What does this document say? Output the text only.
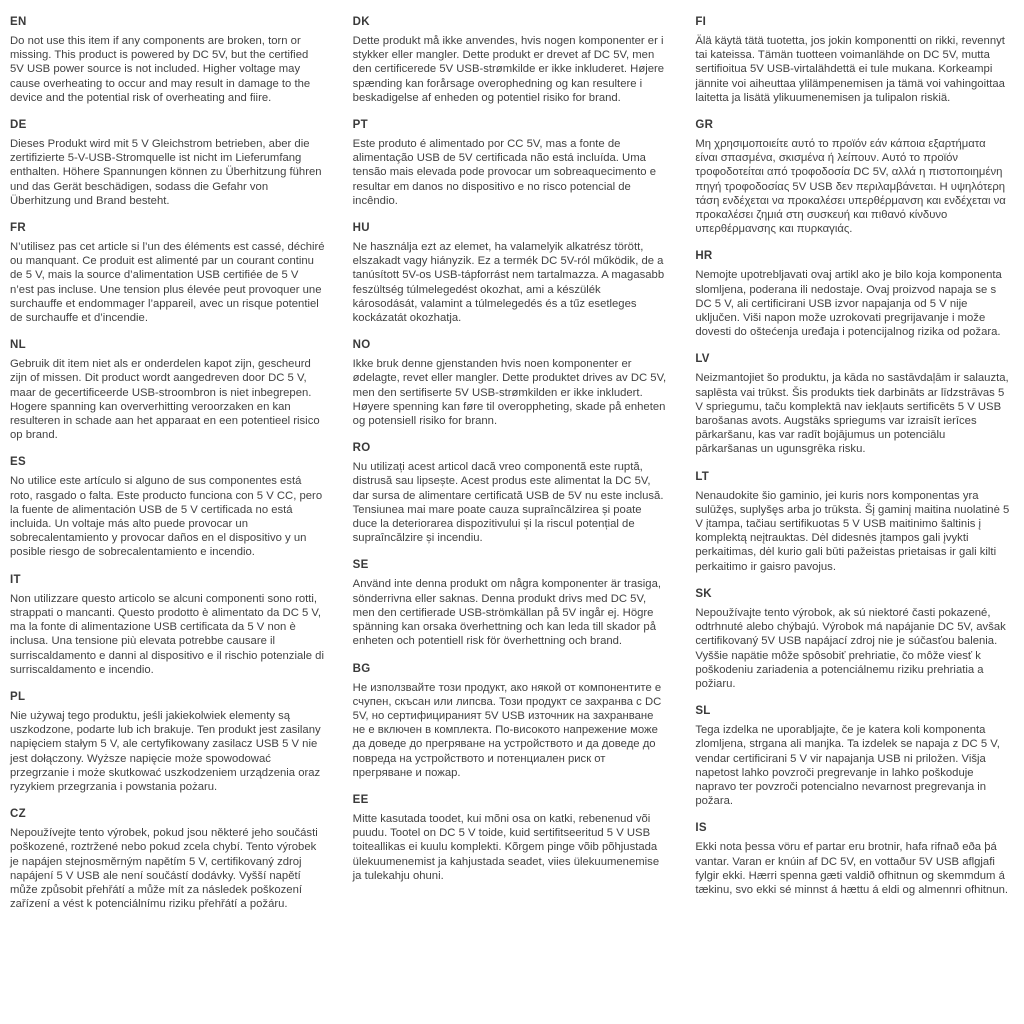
EN

Do not use this item if any components are broken, torn or missing. This product is powered by DC 5V, but the certified 5V USB power source is not included. Higher voltage may cause overheating to occur and may result in damage to the device and the potential risk of overheating and fiire.

DE

Dieses Produkt wird mit 5 V Gleichstrom betrieben, aber die zertifizierte 5-V-USB-Stromquelle ist nicht im Lieferumfang enthalten. Höhere Spannungen können zu Überhitzung führen und das Gerät beschädigen, sodass die Gefahr von Überhitzung und Brand besteht.

FR

N’utilisez pas cet article si l’un des éléments est cassé, déchiré ou manquant. Ce produit est alimenté par un courant continu de 5 V, mais la source d’alimentation USB certifiée de 5 V n’est pas incluse. Une tension plus élevée peut provoquer une surchauffe et endommager l’appareil, avec un risque potentiel de surchauffe et d’incendie.

NL

Gebruik dit item niet als er onderdelen kapot zijn, gescheurd zijn of missen. Dit product wordt aangedreven door DC 5 V, maar de gecertificeerde USB-stroombron is niet inbegrepen. Hogere spanning kan oververhitting veroorzaken en kan resulteren in schade aan het apparaat en een potentieel risico op brand.

ES

No utilice este artículo si alguno de sus componentes está roto, rasgado o falta. Este producto funciona con 5 V CC, pero la fuente de alimentación USB de 5 V certificada no está incluida. Un voltaje más alto puede provocar un sobrecalentamiento y provocar daños en el dispositivo y un posible riesgo de sobrecalentamiento e incendio.

IT

Non utilizzare questo articolo se alcuni componenti sono rotti, strappati o mancanti. Questo prodotto è alimentato da DC 5 V, ma la fonte di alimentazione USB certificata da 5 V non è inclusa. Una tensione più elevata potrebbe causare il surriscaldamento e danni al dispositivo e il rischio potenziale di surriscaldamento e incendio.

PL

Nie używaj tego produktu, jeśli jakiekolwiek elementy są uszkodzone, podarte lub ich brakuje. Ten produkt jest zasilany napięciem stałym 5 V, ale certyfikowany zasilacz USB 5 V nie jest dołączony. Wyższe napięcie może spowodować przegrzanie i może skutkować uszkodzeniem urządzenia oraz ryzykiem przegrzania i powstania pożaru.

CZ

Nepoužívejte tento výrobek, pokud jsou některé jeho součásti poškozené, roztržené nebo pokud zcela chybí. Tento výrobek je napájen stejnosměrným napětím 5 V, certifikovaný zdroj napájení 5 V USB ale není součástí dodávky. Vyšší napětí může způsobit přehřátí a může mít za následek poškození zařízení a vést k potenciálnímu riziku přehřátí a požáru.

DK

Dette produkt må ikke anvendes, hvis nogen komponenter er i stykker eller mangler. Dette produkt er drevet af DC 5V, men den certificerede 5V USB-strømkilde er ikke inkluderet. Højere spænding kan forårsage overophedning og kan resultere i beskadigelse af enheden og potentiel risiko for brand.

PT

Este produto é alimentado por CC 5V, mas a fonte de alimentação USB de 5V certificada não está incluída. Uma tensão mais elevada pode provocar um sobreaquecimento e resultar em danos no dispositivo e no risco potencial de incêndio.

HU

Ne használja ezt az elemet, ha valamelyik alkatrész törött, elszakadt vagy hiányzik. Ez a termék DC 5V-ról működik, de a tanúsított 5V-os USB-tápforrást nem tartalmazza. A magasabb feszültség túlmelegedést okozhat, ami a készülék károsodását, valamint a túlmelegedés és a tűz esetleges kockázatát okozhatja.

NO

Ikke bruk denne gjenstanden hvis noen komponenter er ødelagte, revet eller mangler. Dette produktet drives av DC 5V, men den sertifiserte 5V USB-strømkilden er ikke inkludert. Høyere spenning kan føre til overoppheting, skade på enheten og potensiell risiko for brann.

RO

Nu utilizați acest articol dacă vreo componentă este ruptă, distrusă sau lipsește. Acest produs este alimentat la DC 5V, dar sursa de alimentare certificată USB de 5V nu este inclusă. Tensiunea mai mare poate cauza supraîncălzirea și poate duce la deteriorarea dispozitivului și la riscul potențial de supraîncălzire și incendiu.

SE

Använd inte denna produkt om några komponenter är trasiga, sönderrivna eller saknas. Denna produkt drivs med DC 5V, men den certifierade USB-strömkällan på 5V ingår ej. Högre spänning kan orsaka överhettning och kan leda till skador på enheten och potentiell risk för överhettning och brand.

BG

Не използвайте този продукт, ако някой от компонентите е счупен, скъсан или липсва. Този продукт се захранва с DC 5V, но сертифицираният 5V USB източник на захранване не е включен в комплекта. По-високото напрежение може да доведе до прегряване на устройството и да доведе до повреда на устройството и потенциален риск от прегряване и пожар.

EE

Mitte kasutada toodet, kui mõni osa on katki, rebenenud või puudu. Tootel on DC 5 V toide, kuid sertifitseeritud 5 V USB toiteallikas ei kuulu komplekti. Kõrgem pinge võib põhjustada ülekuumenemist ja kahjustada seadet, viies ülekuumenemise ja tulekahju ohuni.

FI

Älä käytä tätä tuotetta, jos jokin komponentti on rikki, revennyt tai kateissa. Tämän tuotteen voimanlähde on DC 5V, mutta sertifioitua 5V USB-virtalähdettä ei tule mukana. Korkeampi jännite voi aiheuttaa ylilämpenemisen ja tämä voi vahingoittaa laitetta ja lisätä ylikuumenemisen ja tulipalon riskiä.

GR

Μη χρησιμοποιείτε αυτό το προϊόν εάν κάποια εξαρτήματα είναι σπασμένα, σκισμένα ή λείπουν. Αυτό το προϊόν τροφοδοτείται από τροφοδοσία DC 5V, αλλά η πιστοποιημένη πηγή τροφοδοσίας 5V USB δεν περιλαμβάνεται. Η υψηλότερη τάση ενδέχεται να προκαλέσει υπερθέρμανση και ενδέχεται να προκαλέσει ζημιά στη συσκευή και πιθανό κίνδυνο υπερθέρμανσης και πυρκαγιάς.

HR

Nemojte upotrebljavati ovaj artikl ako je bilo koja komponenta slomljena, poderana ili nedostaje. Ovaj proizvod napaja se s DC 5 V, ali certificirani USB izvor napajanja od 5 V nije uključen. Viši napon može uzrokovati pregrijavanje i može dovesti do oštećenja uređaja i potencijalnog rizika od požara.

LV

Neizmantojiet šo produktu, ja kāda no sastāvdaļām ir salauzta, saplēsta vai trūkst. Šis produkts tiek darbināts ar līdzstrāvas 5 V spriegumu, taču komplektā nav iekļauts sertificēts 5 V USB barošanas avots. Augstāks spriegums var izraisīt ierīces pārkaršanu, kas var radīt bojājumus un potenciālu pārkaršanas un ugunsgrēka risku.

LT

Nenaudokite šio gaminio, jei kuris nors komponentas yra sulūžęs, suplyšęs arba jo trūksta. Šį gaminį maitina nuolatinė 5 V įtampa, tačiau sertifikuotas 5 V USB maitinimo šaltinis į komplektą neįtrauktas. Dėl didesnės įtampos gali įvykti perkaitimas, dėl kurio gali būti pažeistas prietaisas ir gali kilti perkaitimo ir gaisro pavojus.

SK

Nepoužívajte tento výrobok, ak sú niektoré časti pokazené, odtrhnuté alebo chýbajú. Výrobok má napájanie DC 5V, avšak certifikovaný 5V USB napájací zdroj nie je súčasťou balenia. Vyššie napätie môže spôsobiť prehriatie, čo môže viesť k poškodeniu zariadenia a potenciálnemu riziku prehriatia a požiaru.

SL

Tega izdelka ne uporabljajte, če je katera koli komponenta zlomljena, strgana ali manjka. Ta izdelek se napaja z DC 5 V, vendar certificirani 5 V vir napajanja USB ni priložen. Višja napetost lahko povzroči pregrevanje in lahko poškoduje napravo ter povzroči potencialno nevarnost pregrevanja in požara.

IS

Ekki nota þessa vöru ef partar eru brotnir, hafa rifnað eða þá vantar. Varan er knúin af DC 5V, en vottaður 5V USB aflgjafi fylgir ekki. Hærri spenna gæti valdið ofhitnun og skemmdum á tækinu, svo ekki sé minnst á hættu á eldi og almennri ofhitnun.
